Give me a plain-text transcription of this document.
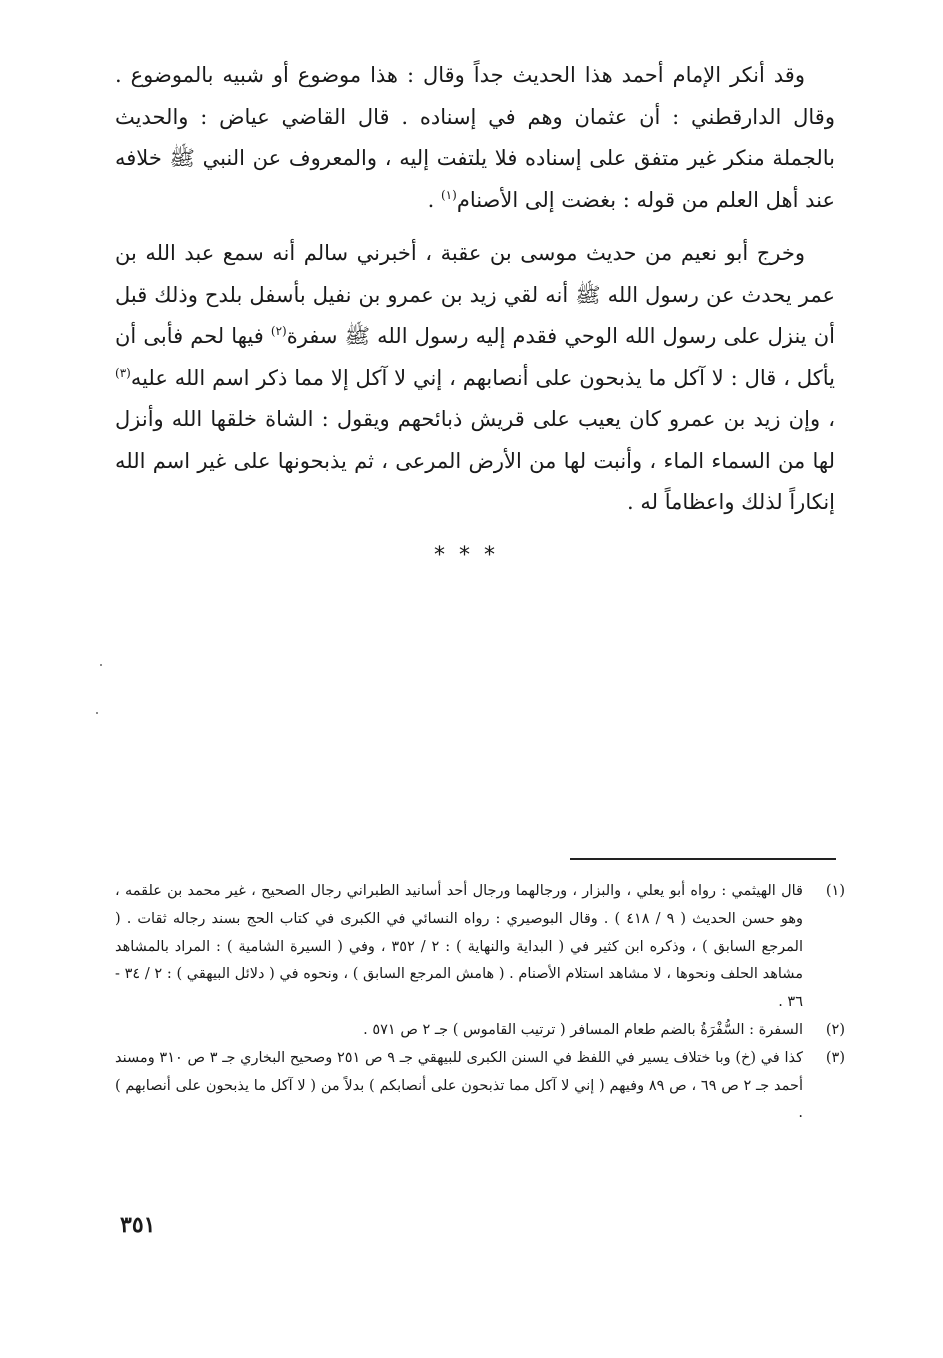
وقد أنكر الإمام أحمد هذا الحديث جداً وقال : هذا موضوع أو شبيه بالموضوع . وقال الدارقطني : أن عثمان وهم في إسناده . قال القاضي عياض : والحديث بالجملة منكر غير متفق على إسناده فلا يلتفت إليه ، والمعروف عن النبي ﷺ خلافه عند أهل العلم من قوله : بغضت إلى الأصنام$^{(١)}$ .

وخرج أبو نعيم من حديث موسى بن عقبة ، أخبرني سالم أنه سمع عبد الله بن عمر يحدث عن رسول الله ﷺ أنه لقي زيد بن عمرو بن نفيل بأسفل بلدح وذلك قبل أن ينزل على رسول الله الوحي فقدم إليه رسول الله ﷺ سفرة$^{(٢)}$ فيها لحم فأبى أن يأكل ، قال : لا آكل ما يذبحون على أنصابهم ، إني لا آكل إلا مما ذكر اسم الله عليه$^{(٣)}$ ، وإن زيد بن عمرو كان يعيب على قريش ذبائحهم ويقول : الشاة خلقها الله وأنزل لها من السماء الماء ، وأنبت لها من الأرض المرعى ، ثم يذبحونها على غير اسم الله إنكاراً لذلك واعظاماً له .

***
(١)
قال الهيثمي : رواه أبو يعلي ، والبزار ، ورجالهما ورجال أحد أسانيد الطبراني رجال الصحيح ، غير محمد بن علقمه ، وهو حسن الحديث ( ٩ / ٤١٨ ) . وقال البوصيري : رواه النسائي في الكبرى في كتاب الحج بسند رجاله ثقات . ( المرجع السابق ) ، وذكره ابن كثير في ( البداية والنهاية ) : ٢ / ٣٥٢ ، وفي ( السيرة الشامية ) : المراد بالمشاهد مشاهد الحلف ونحوها ، لا مشاهد استلام الأصنام . ( هامش المرجع السابق ) ، ونحوه في ( دلائل البيهقي ) : ٢ / ٣٤ - ٣٦ .
(٢)
السفرة : السُّفْرَةُ بالضم طعام المسافر ( ترتيب القاموس ) جـ ٢ ص ٥٧١ .
(٣)
كذا في (خ) وبا ختلاف يسير في اللفظ في السنن الكبرى للبيهقي جـ ٩ ص ٢٥١ وصحيح البخاري جـ ٣ ص ٣١٠ ومسند أحمد جـ ٢ ص ٦٩ ، ص ٨٩ وفيهم ( إني لا آكل مما تذبحون على أنصابكم ) بدلاً من ( لا آكل ما يذبحون على أنصابهم ) .
٣٥١
